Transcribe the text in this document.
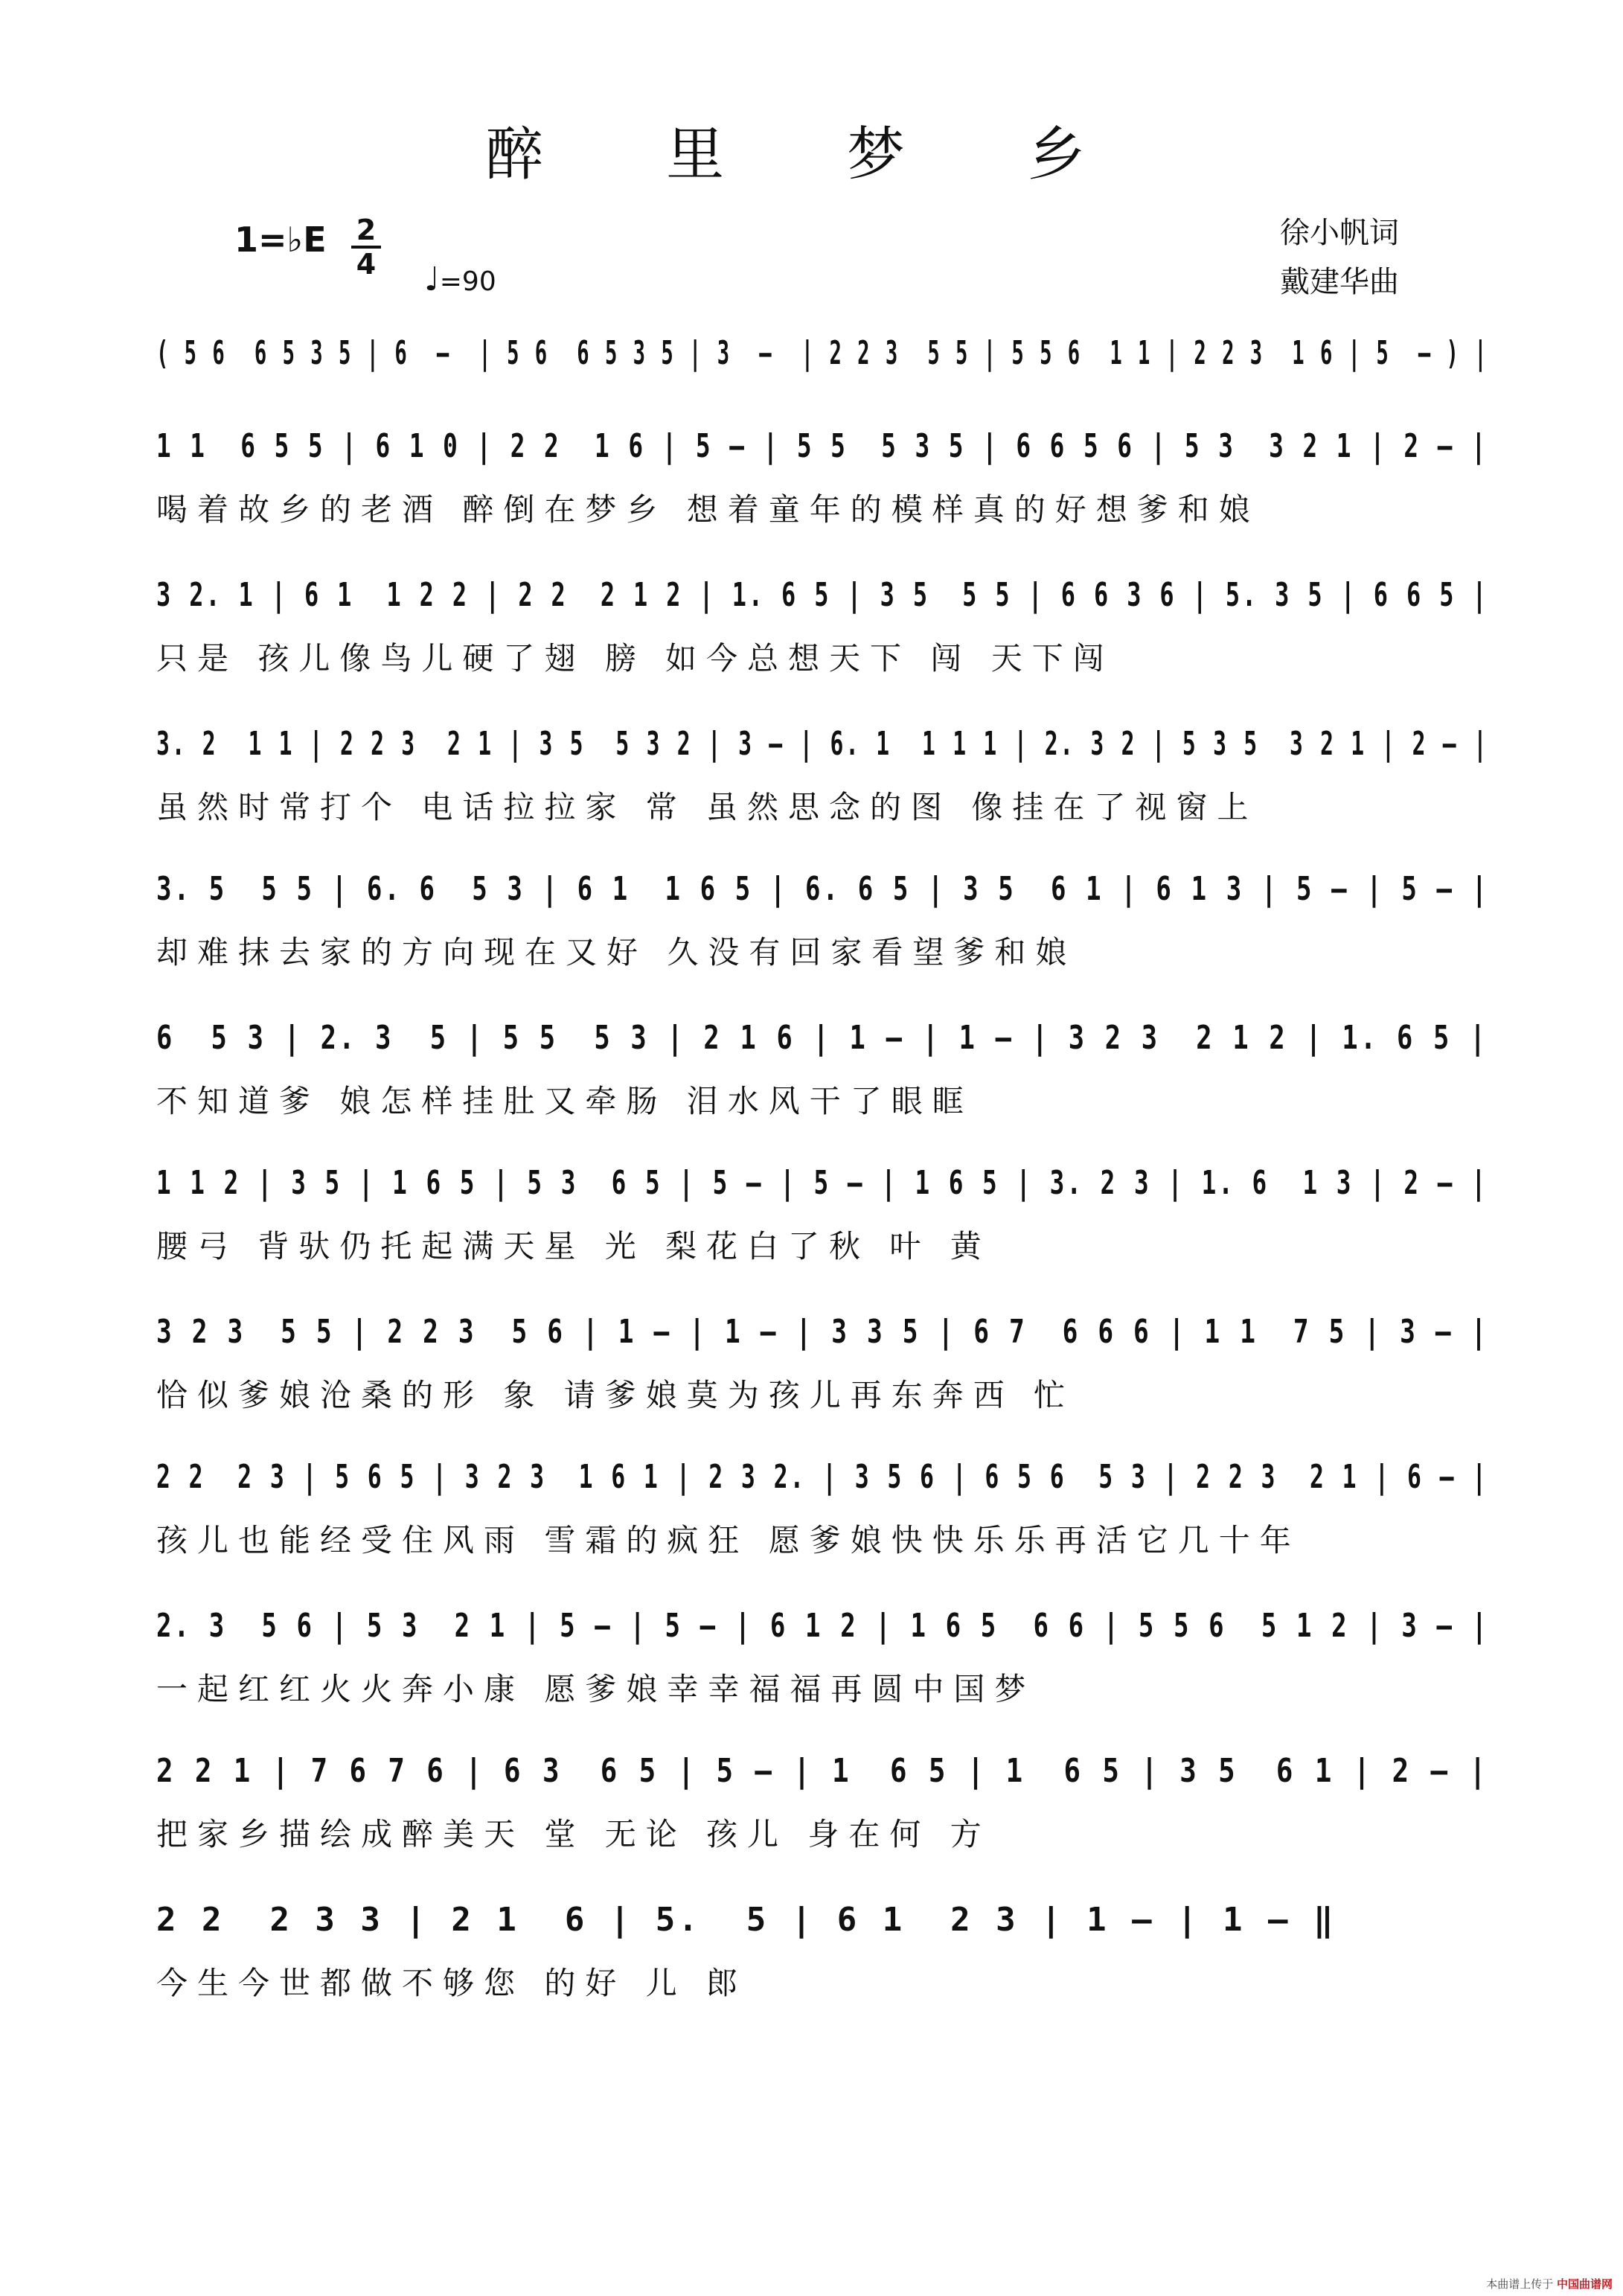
醉 里 梦 乡
1=♭E 2
4 ♩=90
徐小帆词
戴建华曲
( 5 6  6 5 3 5 | 6  –  | 5 6  6 5 3 5 | 3  –  | 2 2 3  5 5 | 5 5 6  1 1 | 2 2 3  1 6 | 5  – ) |
1 1  6 5 5 | 6 1 0 | 2 2  1 6 | 5 – | 5 5  5 3 5 | 6 6 5 6 | 5 3  3 2 1 | 2 – |
喝着故乡的老酒 醉倒在梦乡 想着童年的模样真的好想爹和娘
3 2. 1 | 6 1  1 2 2 | 2 2  2 1 2 | 1. 6 5 | 3 5  5 5 | 6 6 3 6 | 5. 3 5 | 6 6 5 |
只是 孩儿像鸟儿硬了翅 膀 如今总想天下 闯 天下闯
3. 2  1 1 | 2 2 3  2 1 | 3 5  5 3 2 | 3 – | 6. 1  1 1 1 | 2. 3 2 | 5 3 5  3 2 1 | 2 – |
虽然时常打个 电话拉拉家 常 虽然思念的图 像挂在了视窗上
3. 5  5 5 | 6. 6  5 3 | 6 1  1 6 5 | 6. 6 5 | 3 5  6 1 | 6 1 3 | 5 – | 5 – |
却难抹去家的方向现在又好 久没有回家看望爹和娘
6  5 3 | 2. 3  5 | 5 5  5 3 | 2 1 6 | 1 – | 1 – | 3 2 3  2 1 2 | 1. 6 5 |
不知道爹 娘怎样挂肚又牵肠 泪水风干了眼眶
1 1 2 | 3 5 | 1 6 5 | 5 3  6 5 | 5 – | 5 – | 1 6 5 | 3. 2 3 | 1. 6  1 3 | 2 – |
腰弓 背驮仍托起满天星 光 梨花白了秋 叶 黄
3 2 3  5 5 | 2 2 3  5 6 | 1 – | 1 – | 3 3 5 | 6 7  6 6 6 | 1 1  7 5 | 3 – |
恰似爹娘沧桑的形 象 请爹娘莫为孩儿再东奔西 忙
2 2  2 3 | 5 6 5 | 3 2 3  1 6 1 | 2 3 2. | 3 5 6 | 6 5 6  5 3 | 2 2 3  2 1 | 6 – |
孩儿也能经受住风雨 雪霜的疯狂 愿爹娘快快乐乐再活它几十年
2. 3  5 6 | 5 3  2 1 | 5 – | 5 – | 6 1 2 | 1 6 5  6 6 | 5 5 6  5 1 2 | 3 – |
一起红红火火奔小康 愿爹娘幸幸福福再圆中国梦
2 2 1 | 7 6 7 6 | 6 3  6 5 | 5 – | 1  6 5 | 1  6 5 | 3 5  6 1 | 2 – |
把家乡描绘成醉美天 堂 无论 孩儿 身在何 方
2 2  2 3 3 | 2 1  6 | 5.  5 | 6 1  2 3 | 1 – | 1 – ‖
今生今世都做不够您 的好 儿 郎
本曲谱上传于 中国曲谱网
